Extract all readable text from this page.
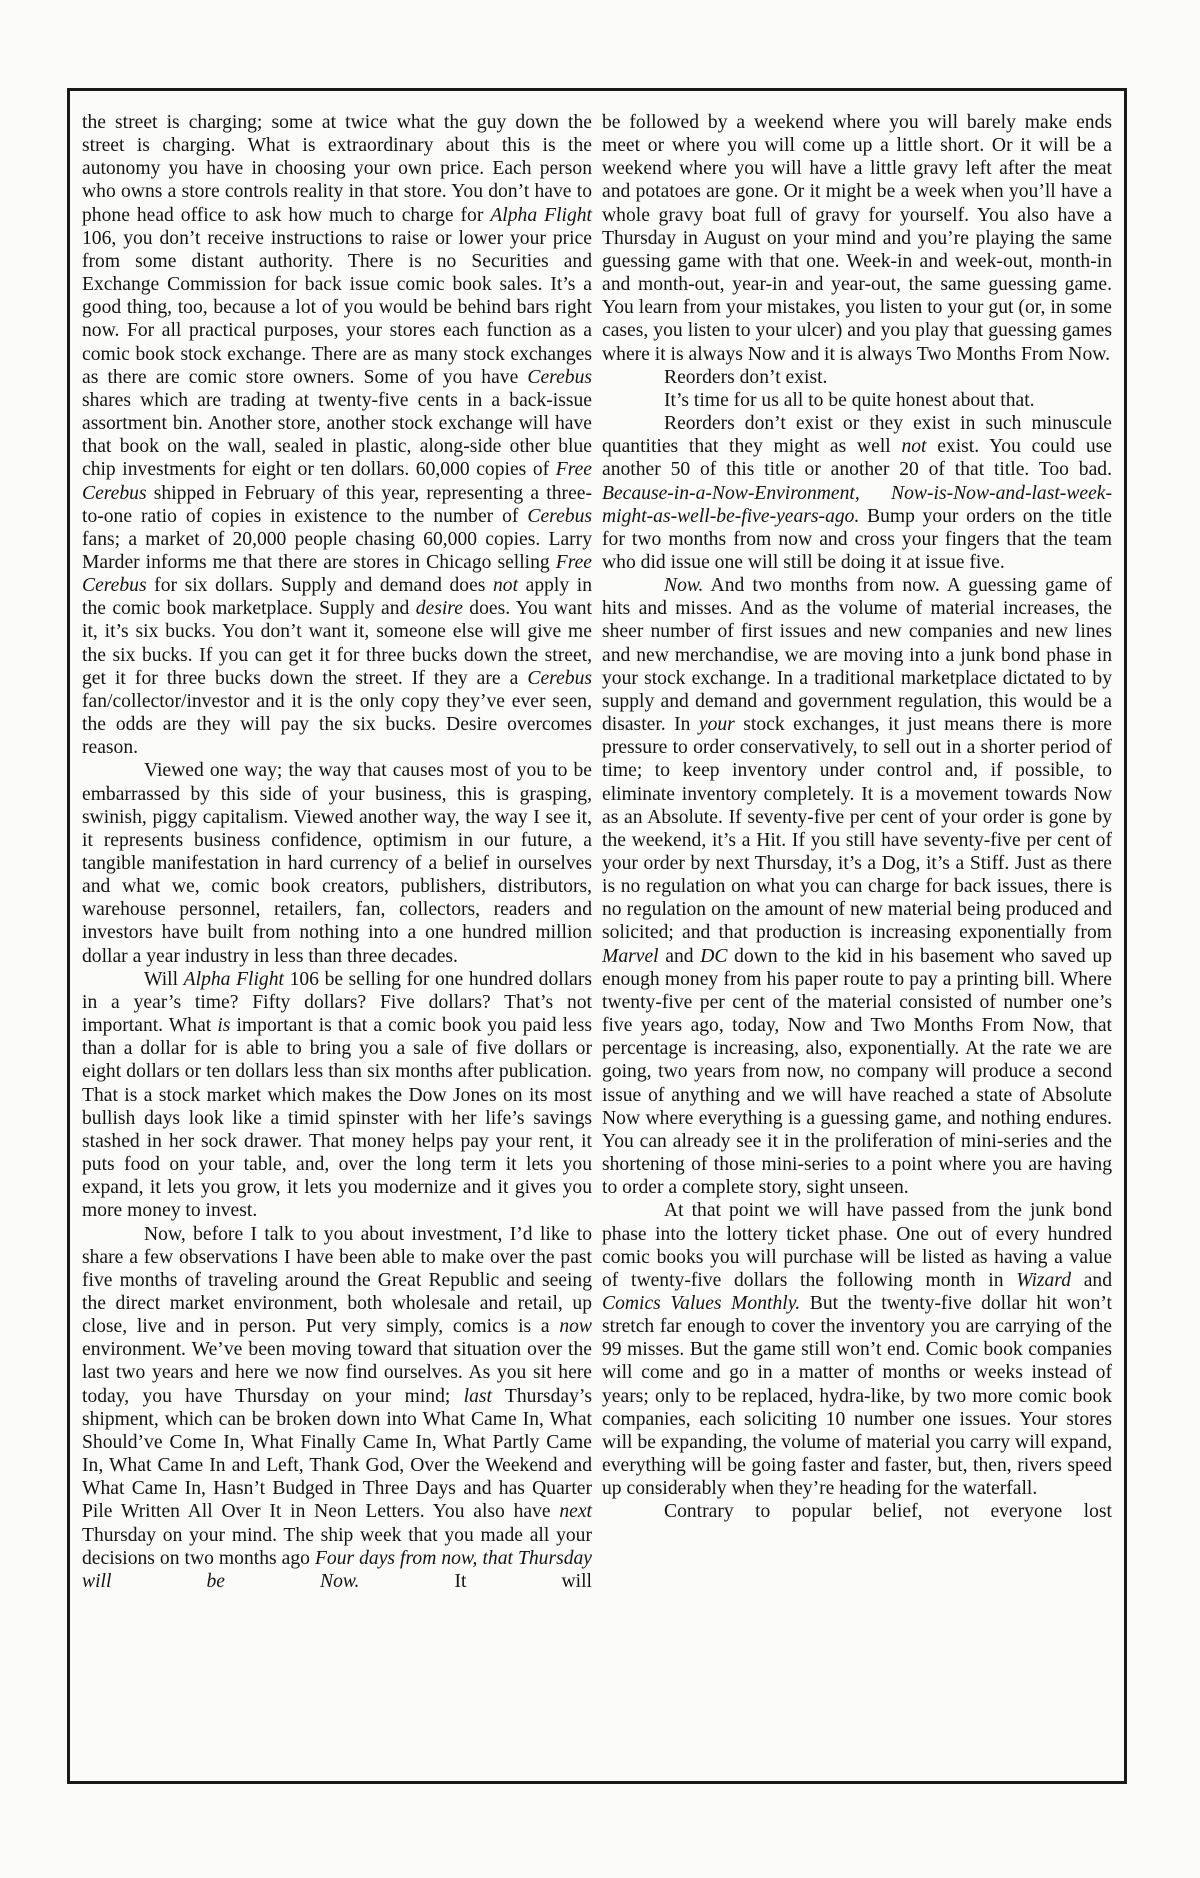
the street is charging; some at twice what the guy down the street is charging. What is extraordinary about this is the autonomy you have in choosing your own price. Each person who owns a store controls reality in that store. You don’t have to phone head office to ask how much to charge for Alpha Flight 106, you don’t receive instructions to raise or lower your price from some distant authority. There is no Securities and Exchange Commission for back issue comic book sales. It’s a good thing, too, because a lot of you would be behind bars right now. For all practical purposes, your stores each function as a comic book stock exchange. There are as many stock exchanges as there are comic store owners. Some of you have Cerebus shares which are trading at twenty-five cents in a back-issue assortment bin. Another store, another stock exchange will have that book on the wall, sealed in plastic, along-side other blue chip investments for eight or ten dollars. 60,000 copies of Free Cerebus shipped in February of this year, representing a three-to-one ratio of copies in existence to the number of Cerebus fans; a market of 20,000 people chasing 60,000 copies. Larry Marder informs me that there are stores in Chicago selling Free Cerebus for six dollars. Supply and demand does not apply in the comic book marketplace. Supply and desire does. You want it, it’s six bucks. You don’t want it, someone else will give me the six bucks. If you can get it for three bucks down the street, get it for three bucks down the street. If they are a Cerebus fan/collector/investor and it is the only copy they’ve ever seen, the odds are they will pay the six bucks. Desire overcomes reason.

Viewed one way; the way that causes most of you to be embarrassed by this side of your business, this is grasping, swinish, piggy capitalism. Viewed another way, the way I see it, it represents business confidence, optimism in our future, a tangible manifestation in hard currency of a belief in ourselves and what we, comic book creators, publishers, distributors, warehouse personnel, retailers, fan, collectors, readers and investors have built from nothing into a one hundred million dollar a year industry in less than three decades.

Will Alpha Flight 106 be selling for one hundred dollars in a year’s time? Fifty dollars? Five dollars? That’s not important. What is important is that a comic book you paid less than a dollar for is able to bring you a sale of five dollars or eight dollars or ten dollars less than six months after publication. That is a stock market which makes the Dow Jones on its most bullish days look like a timid spinster with her life’s savings stashed in her sock drawer. That money helps pay your rent, it puts food on your table, and, over the long term it lets you expand, it lets you grow, it lets you modernize and it gives you more money to invest.

Now, before I talk to you about investment, I’d like to share a few observations I have been able to make over the past five months of traveling around the Great Republic and seeing the direct market environment, both wholesale and retail, up close, live and in person. Put very simply, comics is a now environment. We’ve been moving toward that situation over the last two years and here we now find ourselves. As you sit here today, you have Thursday on your mind; last Thursday’s shipment, which can be broken down into What Came In, What Should’ve Come In, What Finally Came In, What Partly Came In, What Came In and Left, Thank God, Over the Weekend and What Came In, Hasn’t Budged in Three Days and has Quarter Pile Written All Over It in Neon Letters. You also have next Thursday on your mind. The ship week that you made all your decisions on two months ago Four days from now, that Thursday will be Now. It will

be followed by a weekend where you will barely make ends meet or where you will come up a little short. Or it will be a weekend where you will have a little gravy left after the meat and potatoes are gone. Or it might be a week when you’ll have a whole gravy boat full of gravy for yourself. You also have a Thursday in August on your mind and you’re playing the same guessing game with that one. Week-in and week-out, month-in and month-out, year-in and year-out, the same guessing game. You learn from your mistakes, you listen to your gut (or, in some cases, you listen to your ulcer) and you play that guessing games where it is always Now and it is always Two Months From Now.

Reorders don’t exist.

It’s time for us all to be quite honest about that.

Reorders don’t exist or they exist in such minuscule quantities that they might as well not exist. You could use another 50 of this title or another 20 of that title. Too bad. Because-in-a-Now-Environment, Now-is-Now-and-last-week-might-as-well-be-five-years-ago. Bump your orders on the title for two months from now and cross your fingers that the team who did issue one will still be doing it at issue five.

Now. And two months from now. A guessing game of hits and misses. And as the volume of material increases, the sheer number of first issues and new companies and new lines and new merchandise, we are moving into a junk bond phase in your stock exchange. In a traditional marketplace dictated to by supply and demand and government regulation, this would be a disaster. In your stock exchanges, it just means there is more pressure to order conservatively, to sell out in a shorter period of time; to keep inventory under control and, if possible, to eliminate inventory completely. It is a movement towards Now as an Absolute. If seventy-five per cent of your order is gone by the weekend, it’s a Hit. If you still have seventy-five per cent of your order by next Thursday, it’s a Dog, it’s a Stiff. Just as there is no regulation on what you can charge for back issues, there is no regulation on the amount of new material being produced and solicited; and that production is increasing exponentially from Marvel and DC down to the kid in his basement who saved up enough money from his paper route to pay a printing bill. Where twenty-five per cent of the material consisted of number one’s five years ago, today, Now and Two Months From Now, that percentage is increasing, also, exponentially. At the rate we are going, two years from now, no company will produce a second issue of anything and we will have reached a state of Absolute Now where everything is a guessing game, and nothing endures. You can already see it in the proliferation of mini-series and the shortening of those mini-series to a point where you are having to order a complete story, sight unseen.

At that point we will have passed from the junk bond phase into the lottery ticket phase. One out of every hundred comic books you will purchase will be listed as having a value of twenty-five dollars the following month in Wizard and Comics Values Monthly. But the twenty-five dollar hit won’t stretch far enough to cover the inventory you are carrying of the 99 misses. But the game still won’t end. Comic book companies will come and go in a matter of months or weeks instead of years; only to be replaced, hydra-like, by two more comic book companies, each soliciting 10 number one issues. Your stores will be expanding, the volume of material you carry will expand, everything will be going faster and faster, but, then, rivers speed up considerably when they’re heading for the waterfall.

Contrary to popular belief, not everyone lost
